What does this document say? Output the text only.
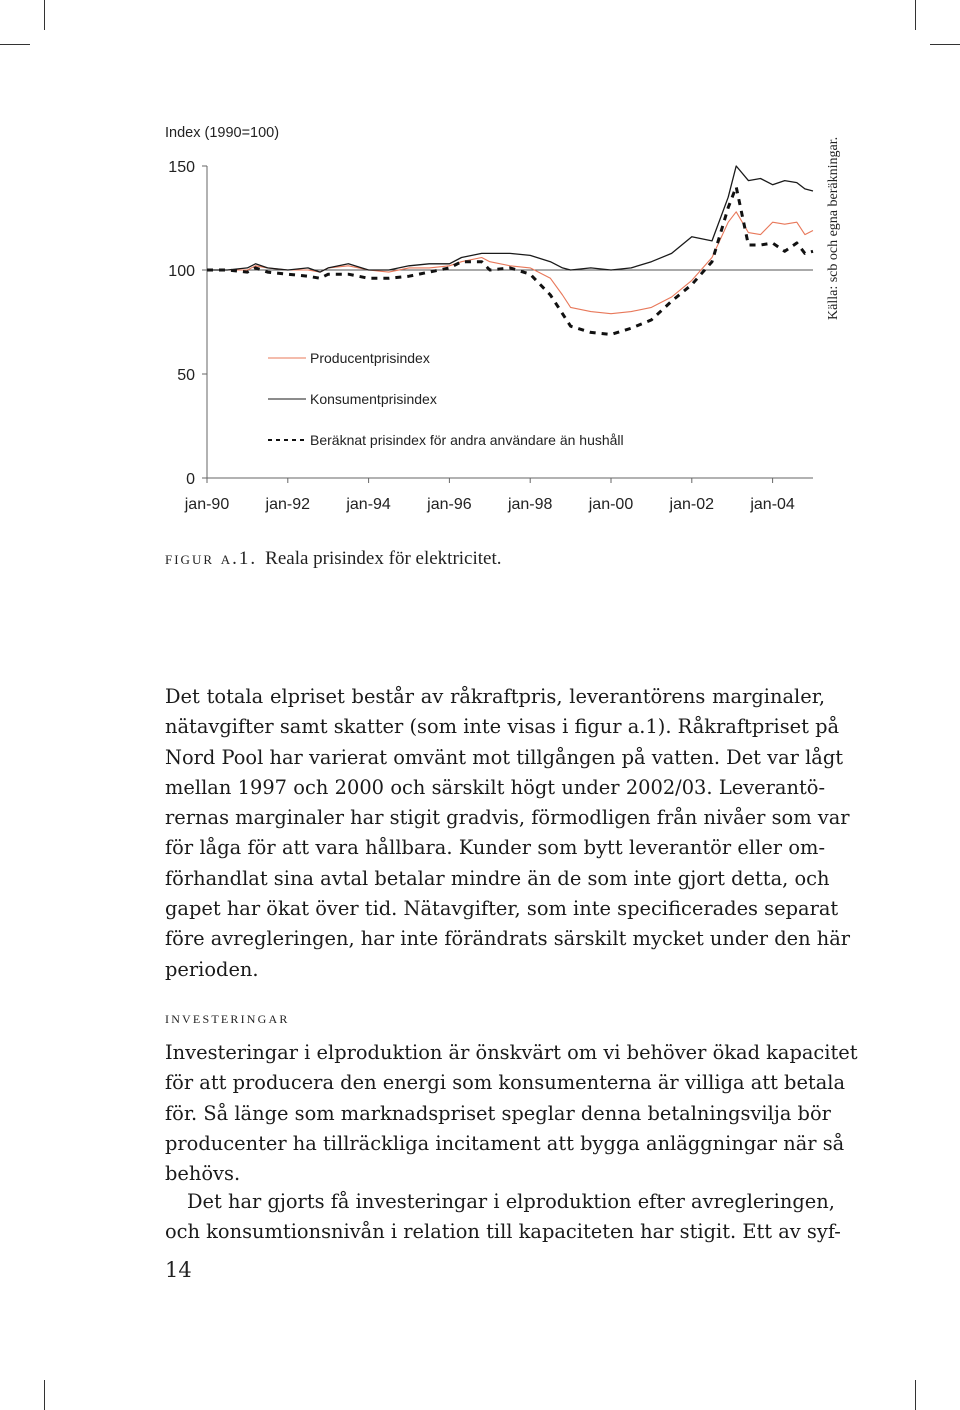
Index (1990=100)
0
50
100
150
jan-90 jan-92 jan-94 jan-96 jan-98 jan-00 jan-02 jan-04
Producentprisindex
Konsumentprisindex
Beräknat prisindex för andra användare än hushåll
Källa: scb och egna beräkningar.
figur a.1. Reala prisindex för elektricitet.
Det totala elpriset består av råkraftpris, leverantörens marginaler,
nätavgifter samt skatter (som inte visas i figur a.1). Råkraftpriset på
Nord Pool har varierat omvänt mot tillgången på vatten. Det var lågt
mellan 1997 och 2000 och särskilt högt under 2002/03. Leverantö-
rernas marginaler har stigit gradvis, förmodligen från nivåer som var
för låga för att vara hållbara. Kunder som bytt leverantör eller om-
förhandlat sina avtal betalar mindre än de som inte gjort detta, och
gapet har ökat över tid. Nätavgifter, som inte specificerades separat
före avregleringen, har inte förändrats särskilt mycket under den här
perioden.
investeringar
Investeringar i elproduktion är önskvärt om vi behöver ökad kapacitet
för att producera den energi som konsumenterna är villiga att betala
för. Så länge som marknadspriset speglar denna betalningsvilja bör
producenter ha tillräckliga incitament att bygga anläggningar när så
behövs.
Det har gjorts få investeringar i elproduktion efter avregleringen,
och konsumtionsnivån i relation till kapaciteten har stigit. Ett av syf-
14
